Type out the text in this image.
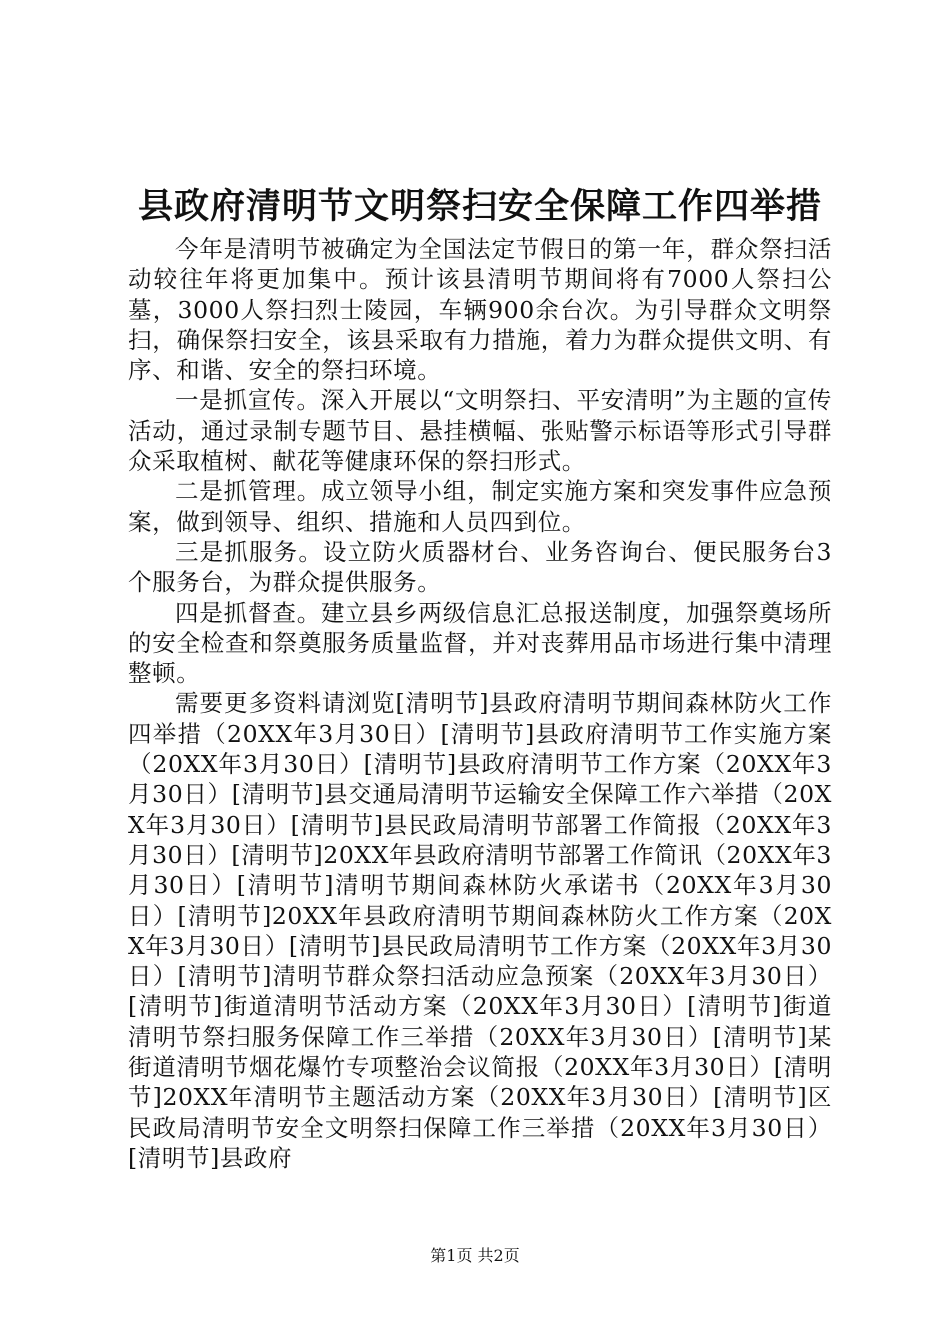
县政府清明节文明祭扫安全保障工作四举措

今年是清明节被确定为全国法定节假日的第一年，群众祭扫活动较往年将更加集中。预计该县清明节期间将有7000人祭扫公墓，3000人祭扫烈士陵园，车辆900余台次。为引导群众文明祭扫，确保祭扫安全，该县采取有力措施，着力为群众提供文明、有序、和谐、安全的祭扫环境。

一是抓宣传。深入开展以“文明祭扫、平安清明”为主题的宣传活动，通过录制专题节目、悬挂横幅、张贴警示标语等形式引导群众采取植树、献花等健康环保的祭扫形式。

二是抓管理。成立领导小组，制定实施方案和突发事件应急预案，做到领导、组织、措施和人员四到位。

三是抓服务。设立防火质器材台、业务咨询台、便民服务台3个服务台，为群众提供服务。

四是抓督查。建立县乡两级信息汇总报送制度，加强祭奠场所的安全检查和祭奠服务质量监督，并对丧葬用品市场进行集中清理整顿。

需要更多资料请浏览[清明节]县政府清明节期间森林防火工作四举措（20XX年3月30日）[清明节]县政府清明节工作实施方案（20XX年3月30日）[清明节]县政府清明节工作方案（20XX年3月30日）[清明节]县交通局清明节运输安全保障工作六举措（20XX年3月30日）[清明节]县民政局清明节部署工作简报（20XX年3月30日）[清明节]20XX年县政府清明节部署工作简讯（20XX年3月30日）[清明节]清明节期间森林防火承诺书（20XX年3月30日）[清明节]20XX年县政府清明节期间森林防火工作方案（20XX年3月30日）[清明节]县民政局清明节工作方案（20XX年3月30日）[清明节]清明节群众祭扫活动应急预案（20XX年3月30日）[清明节]街道清明节活动方案（20XX年3月30日）[清明节]街道清明节祭扫服务保障工作三举措（20XX年3月30日）[清明节]某街道清明节烟花爆竹专项整治会议简报（20XX年3月30日）[清明节]20XX年清明节主题活动方案（20XX年3月30日）[清明节]区民政局清明节安全文明祭扫保障工作三举措（20XX年3月30日）[清明节]县政府

第1页 共2页
